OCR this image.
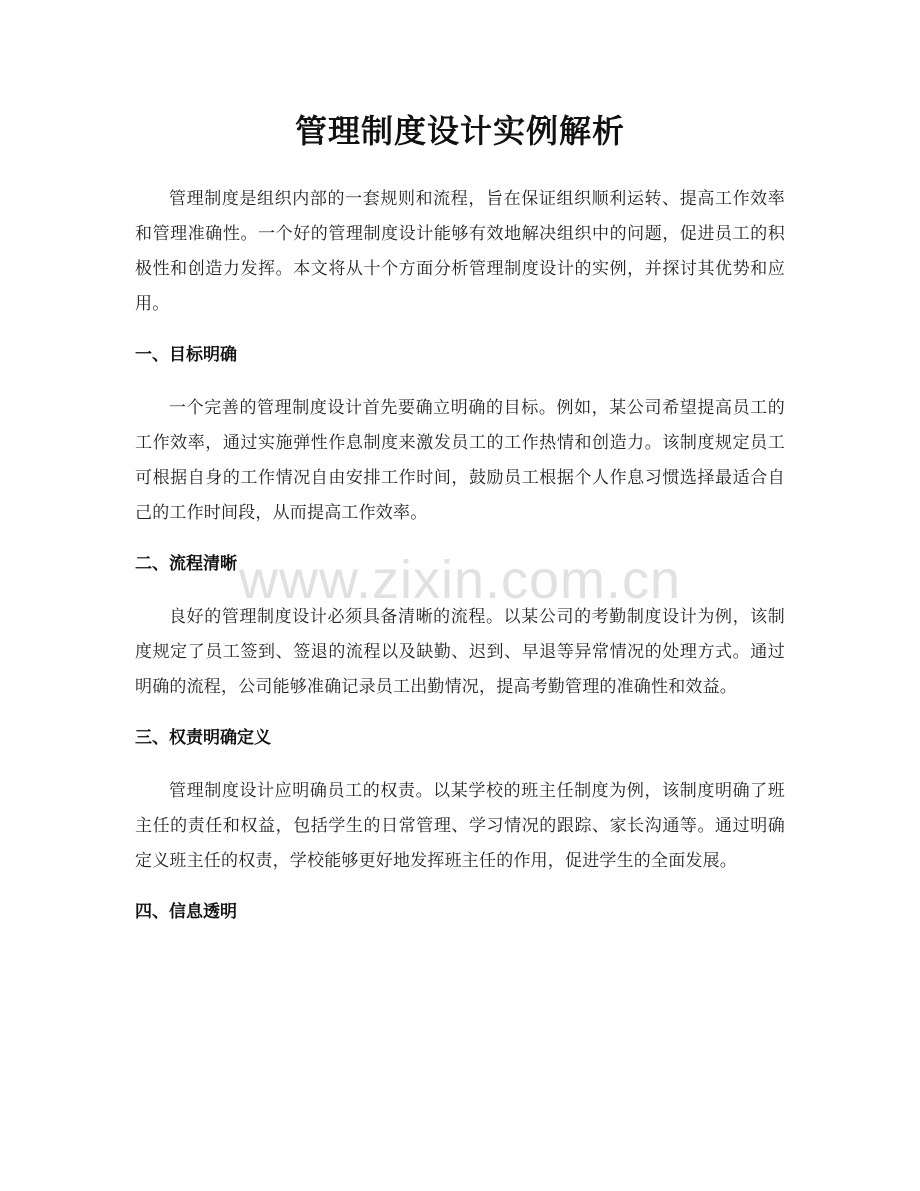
管理制度设计实例解析

管理制度是组织内部的一套规则和流程，旨在保证组织顺利运转、提高工作效率和管理准确性。一个好的管理制度设计能够有效地解决组织中的问题，促进员工的积极性和创造力发挥。本文将从十个方面分析管理制度设计的实例，并探讨其优势和应用。

一、目标明确

一个完善的管理制度设计首先要确立明确的目标。例如，某公司希望提高员工的工作效率，通过实施弹性作息制度来激发员工的工作热情和创造力。该制度规定员工可根据自身的工作情况自由安排工作时间，鼓励员工根据个人作息习惯选择最适合自己的工作时间段，从而提高工作效率。

二、流程清晰

良好的管理制度设计必须具备清晰的流程。以某公司的考勤制度设计为例，该制度规定了员工签到、签退的流程以及缺勤、迟到、早退等异常情况的处理方式。通过明确的流程，公司能够准确记录员工出勤情况，提高考勤管理的准确性和效益。

三、权责明确定义

管理制度设计应明确员工的权责。以某学校的班主任制度为例，该制度明确了班主任的责任和权益，包括学生的日常管理、学习情况的跟踪、家长沟通等。通过明确定义班主任的权责，学校能够更好地发挥班主任的作用，促进学生的全面发展。

四、信息透明

www.zixin.com.cn
